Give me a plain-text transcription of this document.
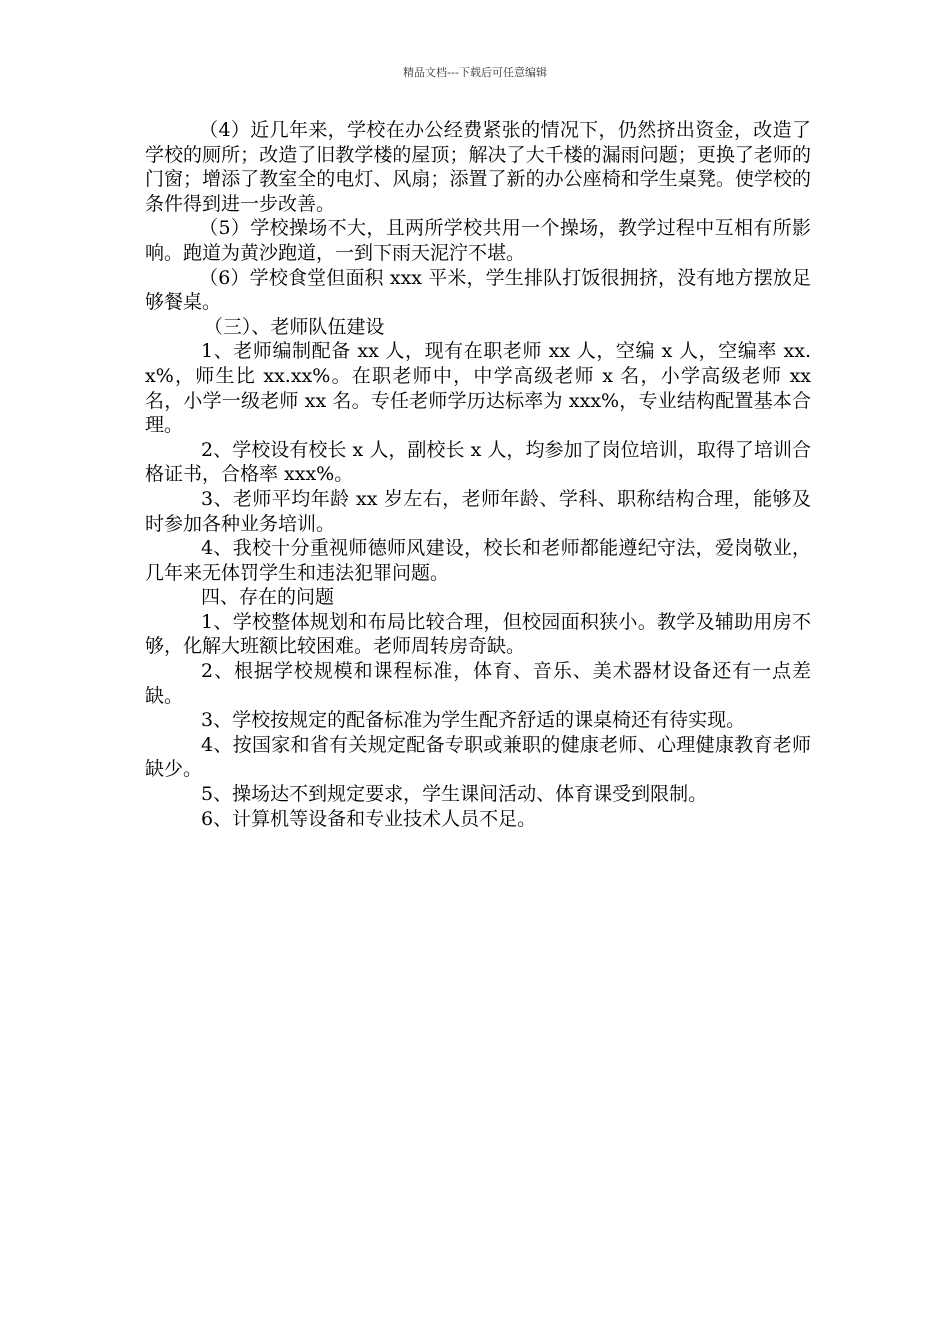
精品文档---下载后可任意编辑

（4）近几年来，学校在办公经费紧张的情况下，仍然挤出资金，改造了学校的厕所；改造了旧教学楼的屋顶；解决了大千楼的漏雨问题；更换了老师的门窗；增添了教室全的电灯、风扇；添置了新的办公座椅和学生桌凳。使学校的条件得到进一步改善。

（5）学校操场不大，且两所学校共用一个操场，教学过程中互相有所影响。跑道为黄沙跑道，一到下雨天泥泞不堪。

（6）学校食堂但面积 xxx 平米，学生排队打饭很拥挤，没有地方摆放足够餐桌。

（三）、老师队伍建设

1、老师编制配备 xx 人，现有在职老师 xx 人，空编 x 人，空编率 xx.x%，师生比 xx.xx%。在职老师中，中学高级老师 x 名，小学高级老师 xx 名，小学一级老师 xx 名。专任老师学历达标率为 xxx%，专业结构配置基本合理。

2、学校设有校长 x 人，副校长 x 人，均参加了岗位培训，取得了培训合格证书，合格率 xxx%。

3、老师平均年龄 xx 岁左右，老师年龄、学科、职称结构合理，能够及时参加各种业务培训。

4、我校十分重视师德师风建设，校长和老师都能遵纪守法，爱岗敬业，几年来无体罚学生和违法犯罪问题。

四、存在的问题

1、学校整体规划和布局比较合理，但校园面积狭小。教学及辅助用房不够，化解大班额比较困难。老师周转房奇缺。

2、根据学校规模和课程标准，体育、音乐、美术器材设备还有一点差缺。

3、学校按规定的配备标准为学生配齐舒适的课桌椅还有待实现。

4、按国家和省有关规定配备专职或兼职的健康老师、心理健康教育老师缺少。

5、操场达不到规定要求，学生课间活动、体育课受到限制。

6、计算机等设备和专业技术人员不足。
